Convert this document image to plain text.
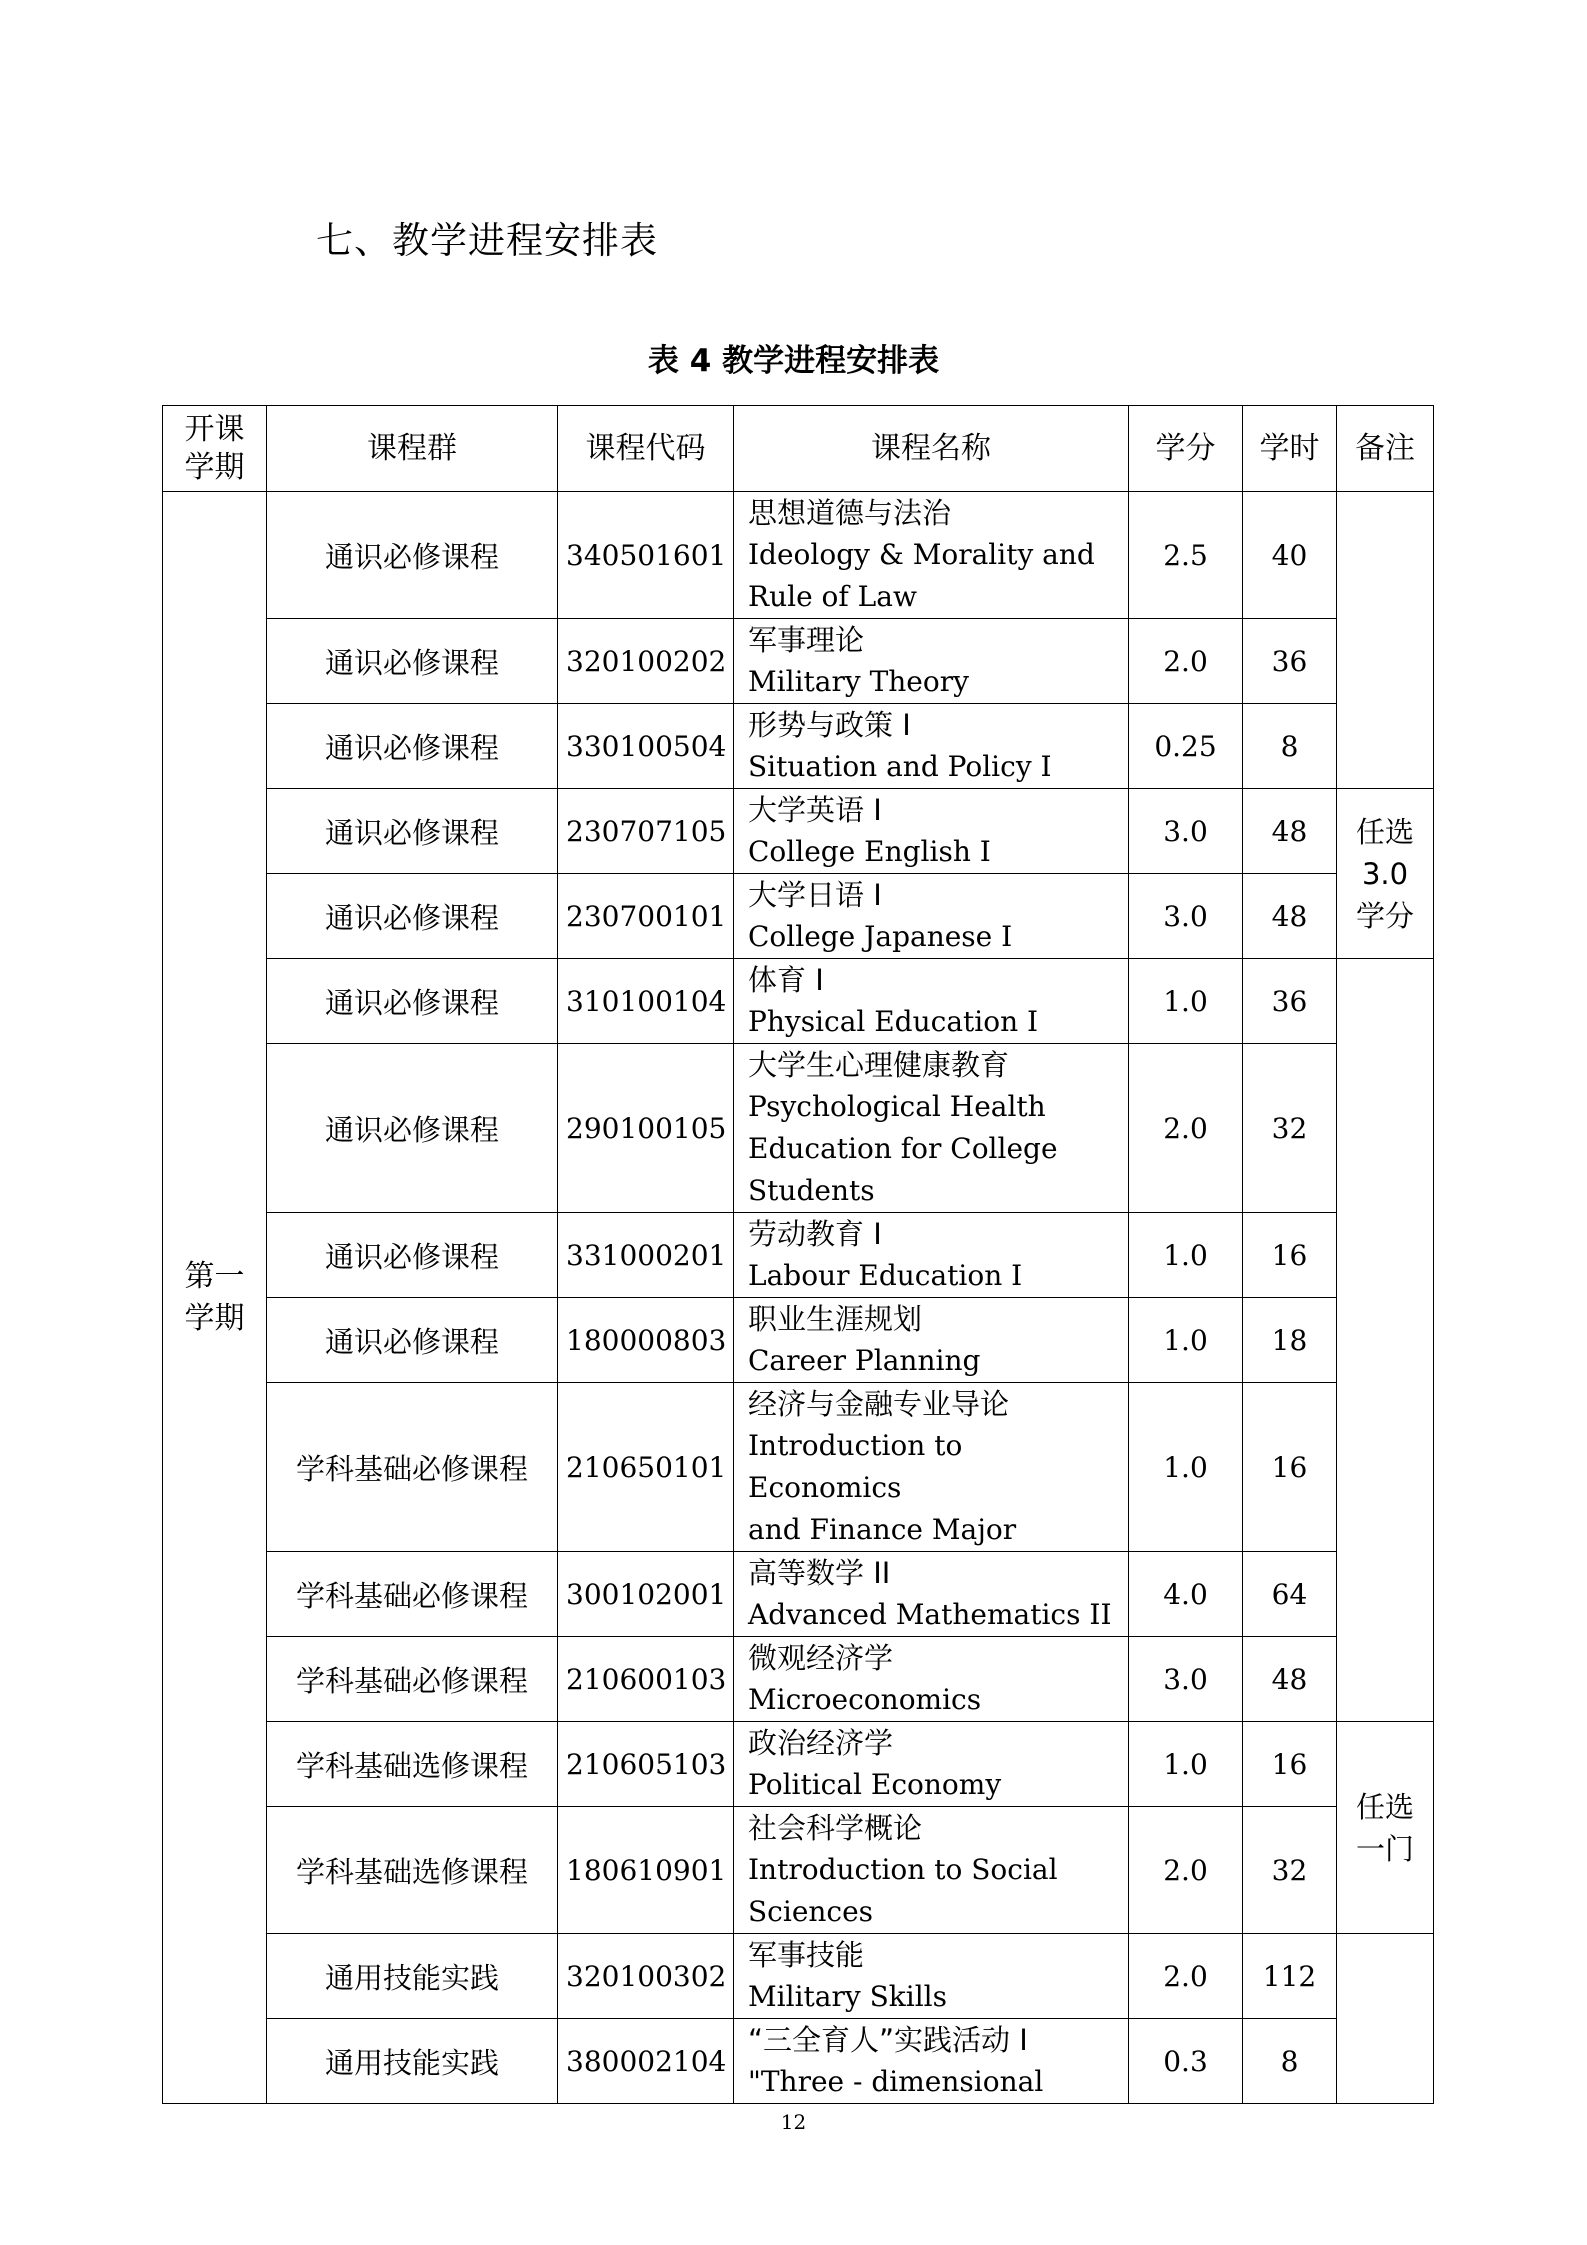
七、教学进程安排表
表 4 教学进程安排表
开课
学期	课程群	课程代码	课程名称	学分	学时	备注
第一
学期	通识必修课程	340501601	思想道德与法治
Ideology & Morality and
Rule of Law	2.5	40	
	通识必修课程	320100202	军事理论
Military Theory	2.0	36	
	通识必修课程	330100504	形势与政策 I
Situation and Policy I	0.25	8	
	通识必修课程	230707105	大学英语 I
College English I	3.0	48	任选
3.0
学分
	通识必修课程	230700101	大学日语 I
College Japanese I	3.0	48	
	通识必修课程	310100104	体育 I
Physical Education I	1.0	36	
	通识必修课程	290100105	大学生心理健康教育
Psychological Health
Education for College
Students	2.0	32	
	通识必修课程	331000201	劳动教育 I
Labour Education I	1.0	16	
	通识必修课程	180000803	职业生涯规划
Career Planning	1.0	18	
	学科基础必修课程	210650101	经济与金融专业导论
Introduction to Economics
and Finance Major	1.0	16	
	学科基础必修课程	300102001	高等数学 II
Advanced Mathematics II	4.0	64	
	学科基础必修课程	210600103	微观经济学
Microeconomics	3.0	48	
	学科基础选修课程	210605103	政治经济学
Political Economy	1.0	16	任选
一门
	学科基础选修课程	180610901	社会科学概论
Introduction to Social
Sciences	2.0	32	
	通用技能实践	320100302	军事技能
Military Skills	2.0	112	
	通用技能实践	380002104	“三全育人”实践活动 I
"Three - dimensional	0.3	8	
12
